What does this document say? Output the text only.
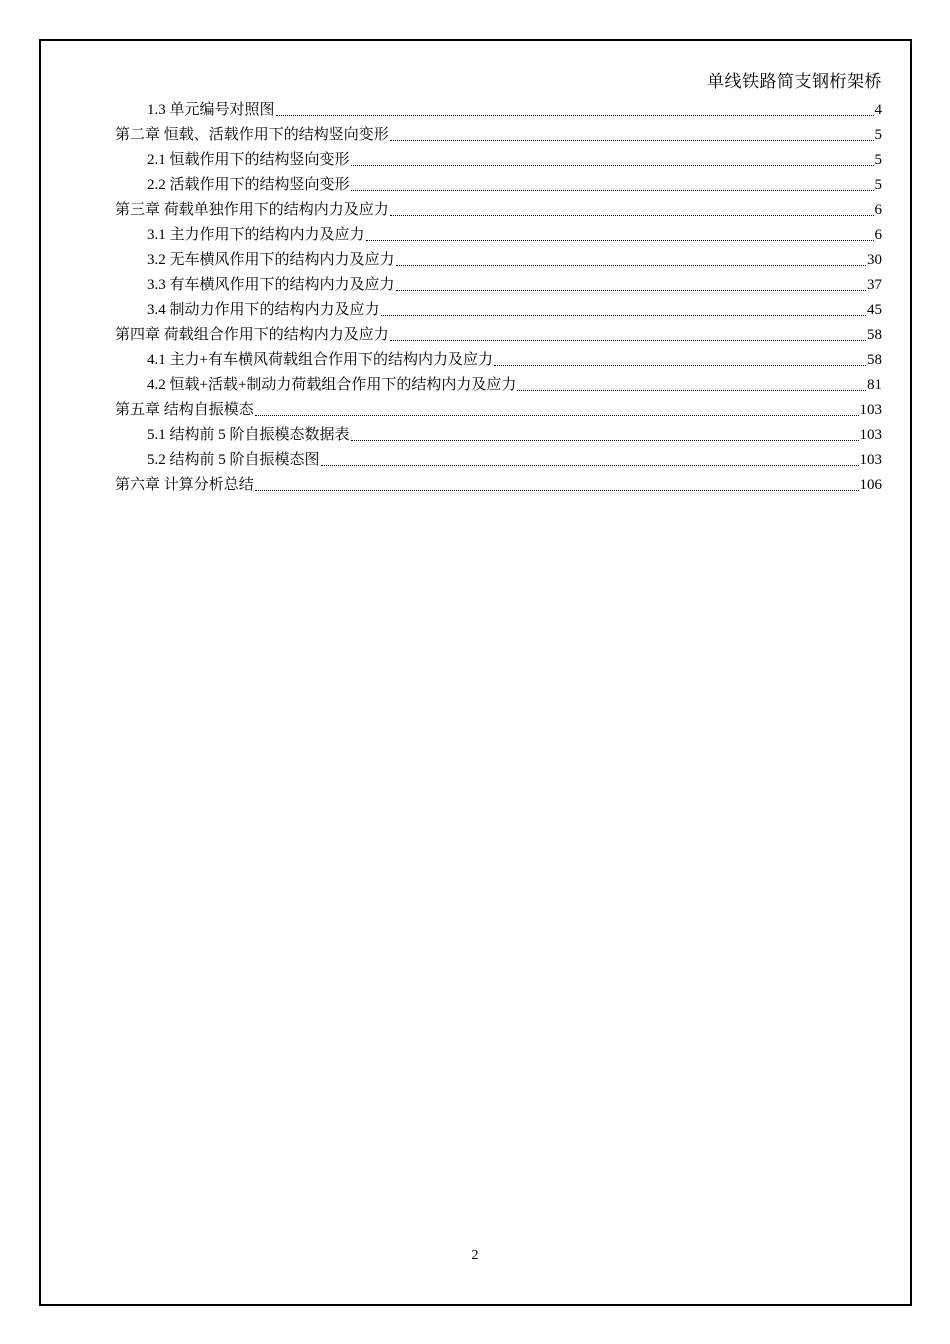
单线铁路简支钢桁架桥
1.3 单元编号对照图	4
第二章 恒载、活载作用下的结构竖向变形	5
2.1 恒载作用下的结构竖向变形	5
2.2 活载作用下的结构竖向变形	5
第三章 荷载单独作用下的结构内力及应力	6
3.1 主力作用下的结构内力及应力	6
3.2 无车横风作用下的结构内力及应力	30
3.3 有车横风作用下的结构内力及应力	37
3.4 制动力作用下的结构内力及应力	45
第四章 荷载组合作用下的结构内力及应力	58
4.1 主力+有车横风荷载组合作用下的结构内力及应力	58
4.2 恒载+活载+制动力荷载组合作用下的结构内力及应力	81
第五章 结构自振模态	103
5.1 结构前 5 阶自振模态数据表	103
5.2 结构前 5 阶自振模态图	103
第六章 计算分析总结	106
2
